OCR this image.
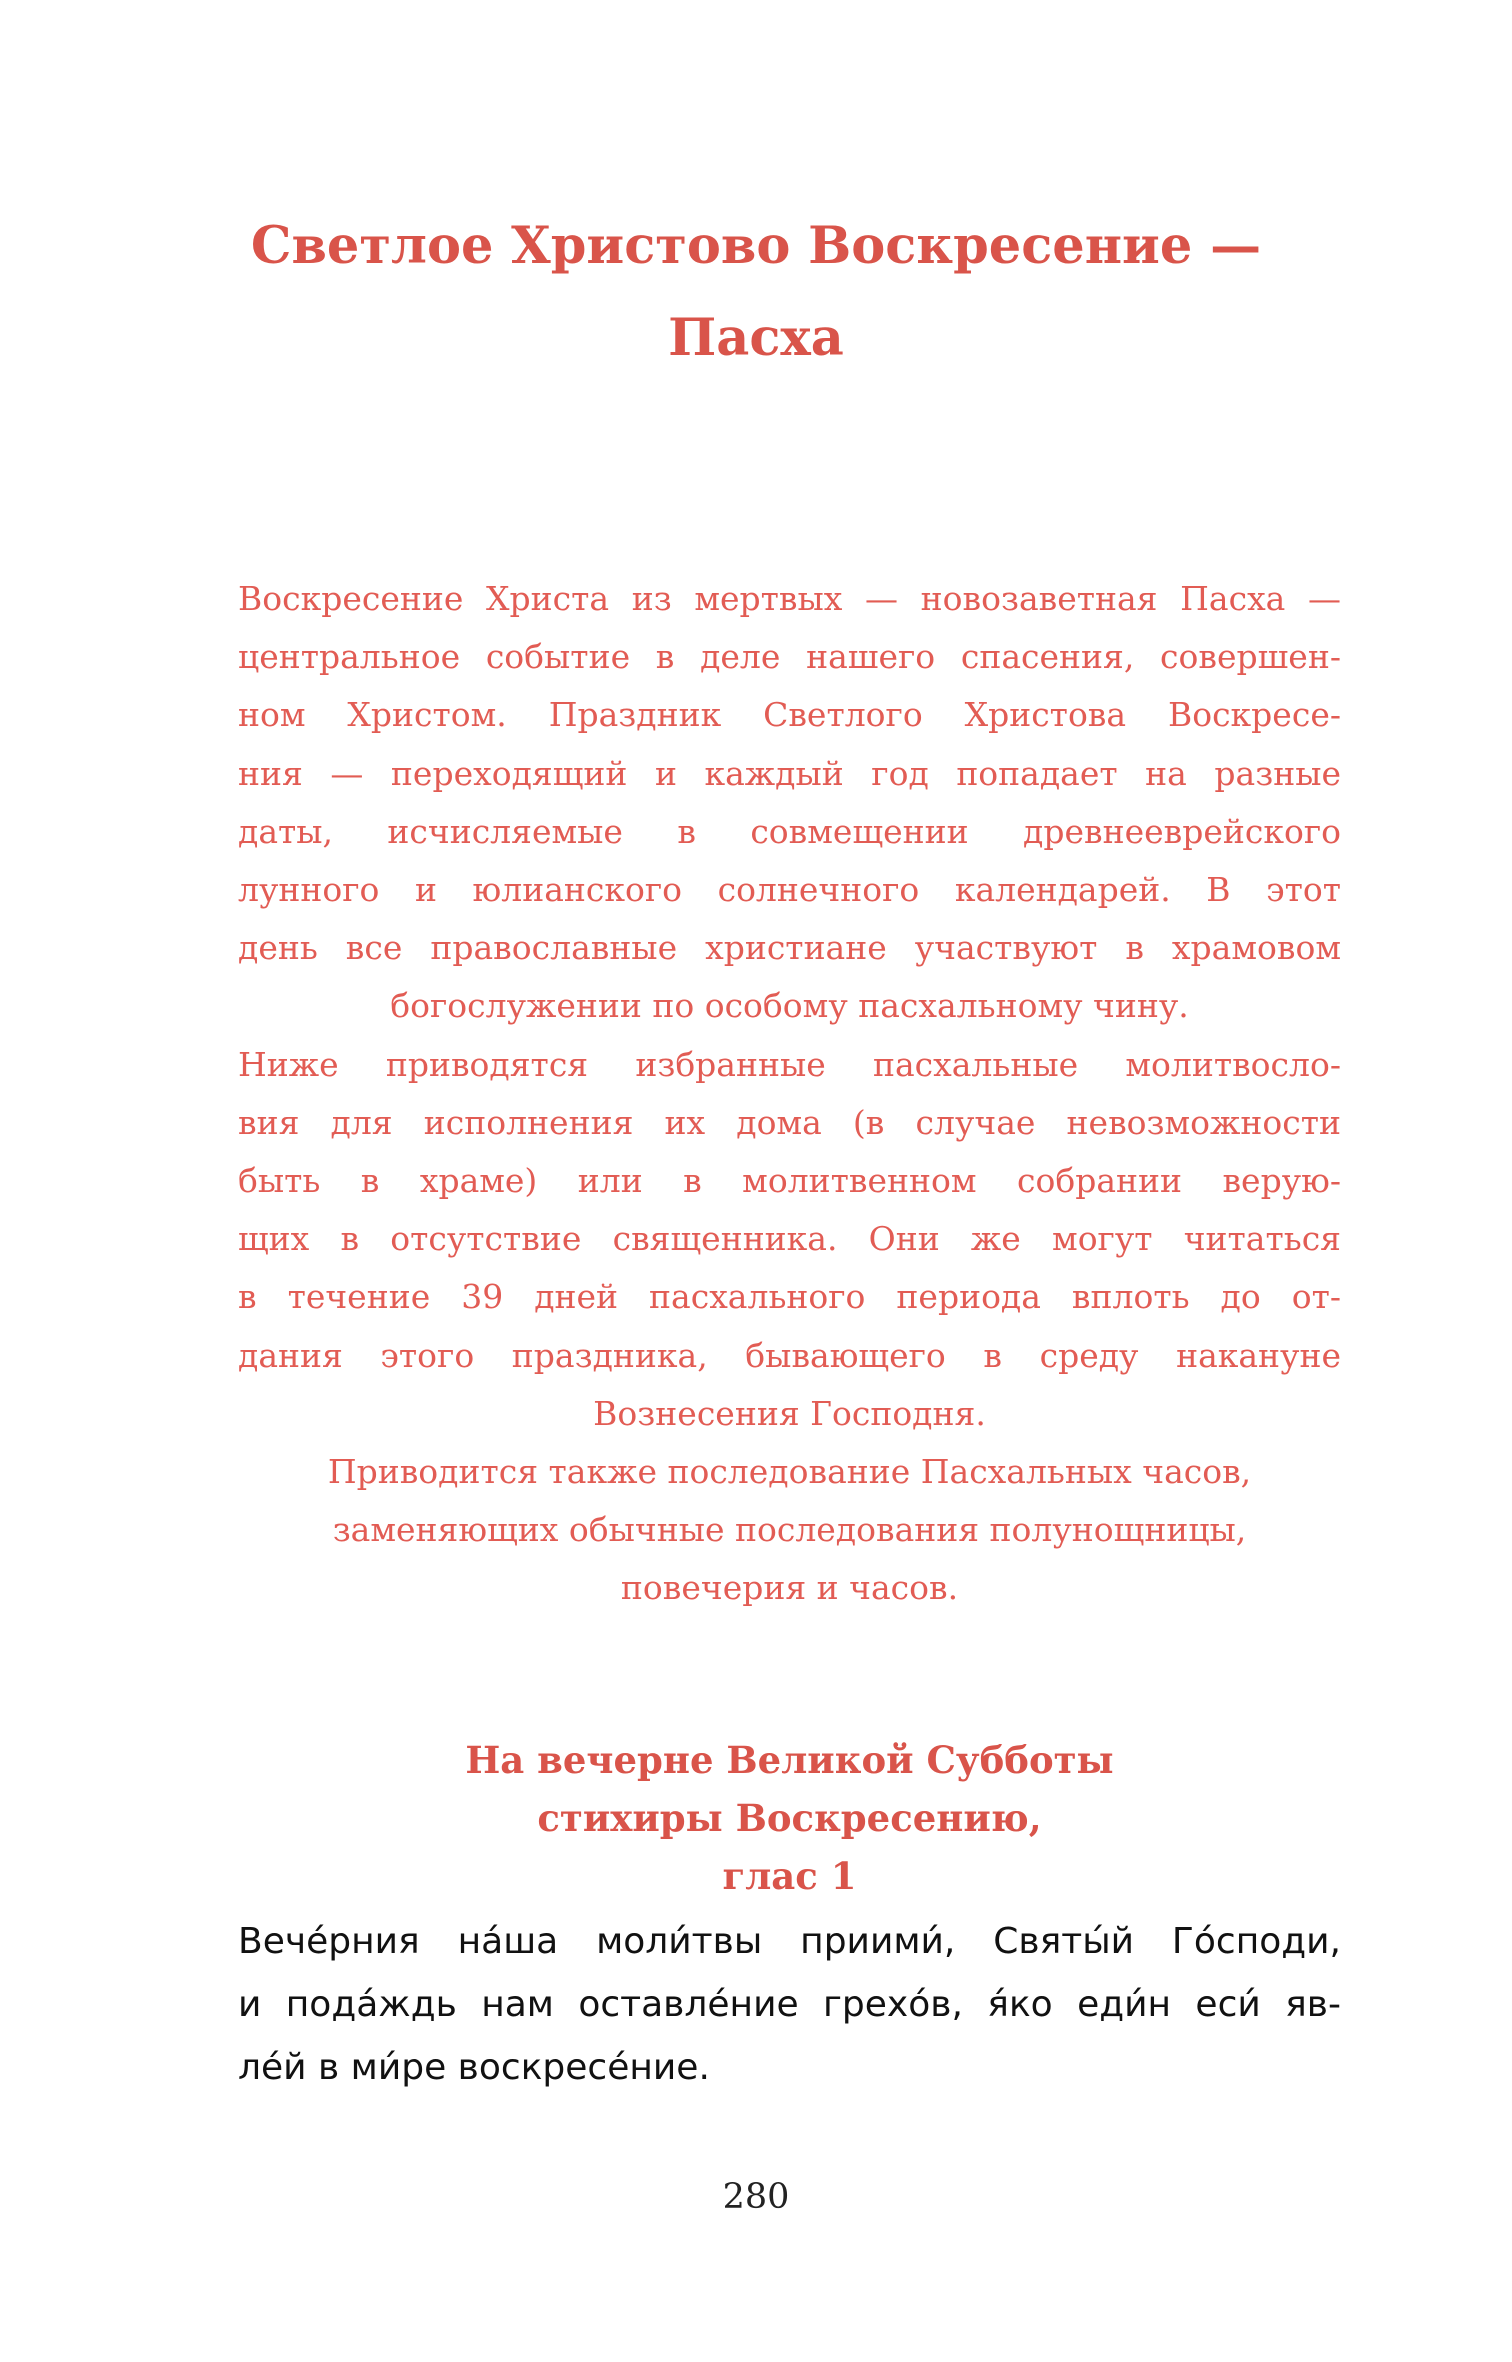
Светлое Христово Воскресение —
Пасха
Воскресение Христа из мертвых — новозаветная Пасха —
центральное событие в деле нашего спасения, совершен-
ном Христом. Праздник Светлого Христова Воскресе-
ния — переходящий и каждый год попадает на разные
даты, исчисляемые в совмещении древнееврейского
лунного и юлианского солнечного календарей. В этот
день все православные христиане участвуют в храмовом
богослужении по особому пасхальному чину.
Ниже приводятся избранные пасхальные молитвосло-
вия для исполнения их дома (в случае невозможности
быть в храме) или в молитвенном собрании верую-
щих в отсутствие священника. Они же могут читаться
в течение 39 дней пасхального периода вплоть до от-
дания этого праздника, бывающего в среду накануне
Вознесения Господня.
Приводится также последование Пасхальных часов,
заменяющих обычные последования полунощницы,
повечерия и часов.
На вечерне Великой Субботы
стихиры Воскресению,
глас 1
Вече́рния на́ша моли́твы приими́, Святы́й Го́споди,
и пода́ждь нам оставле́ние грехо́в, я́ко еди́н еси́ яв-
ле́й в ми́ре воскресе́ние.
280
